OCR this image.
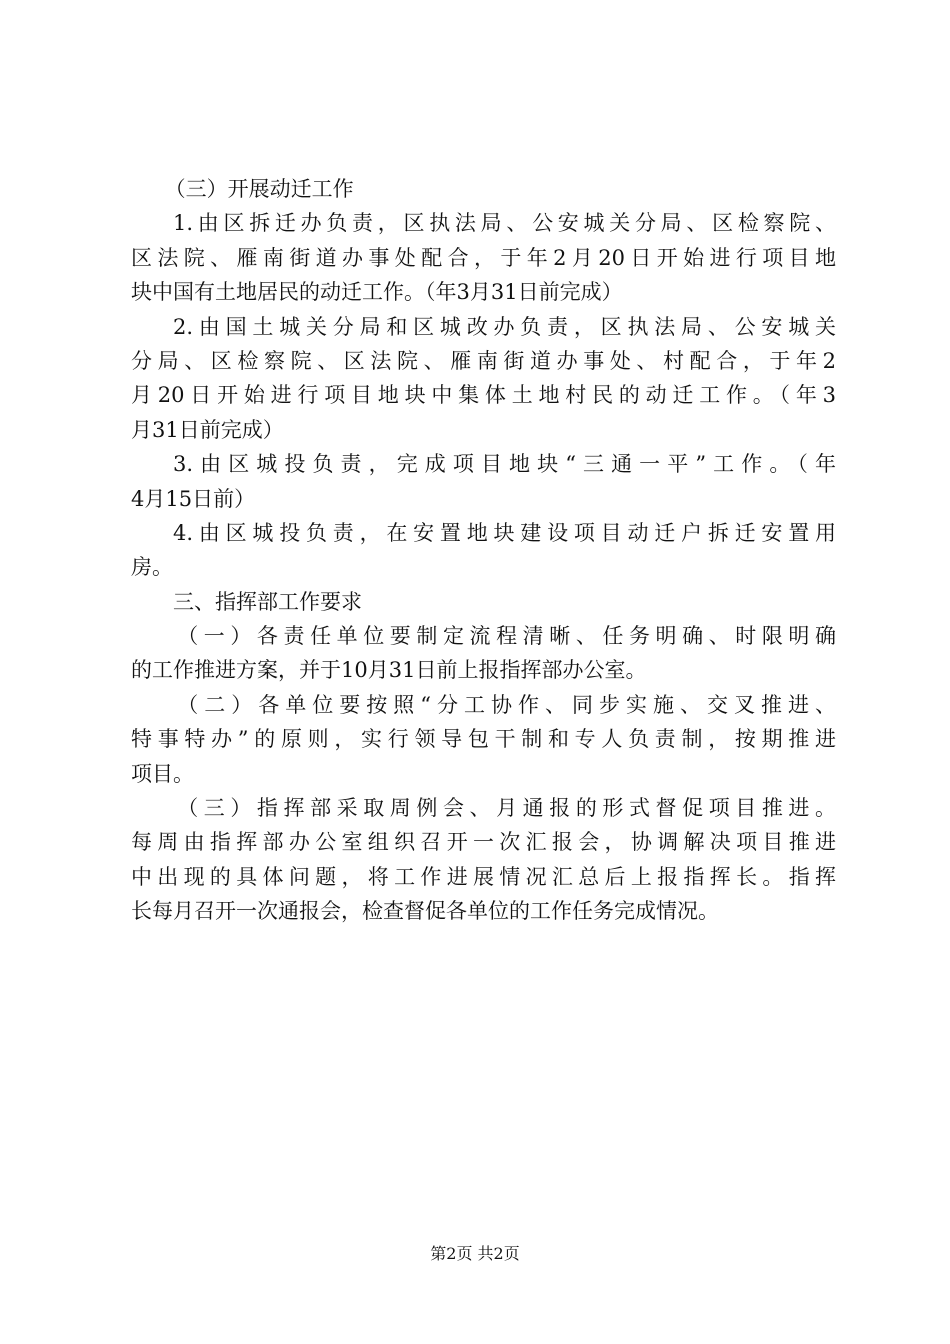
（三）开展动迁工作
1.由区拆迁办负责，区执法局、公安城关分局、区检察院、
区法院、雁南街道办事处配合，于年2月20日开始进行项目地
块中国有土地居民的动迁工作。（年3月31日前完成）
2.由国土城关分局和区城改办负责，区执法局、公安城关
分局、区检察院、区法院、雁南街道办事处、村配合，于年2
月20日开始进行项目地块中集体土地村民的动迁工作。（年3
月31日前完成）
3.由区城投负责，完成项目地块“三通一平”工作。（年
4月15日前）
4.由区城投负责，在安置地块建设项目动迁户拆迁安置用
房。
三、指挥部工作要求
（一）各责任单位要制定流程清晰、任务明确、时限明确
的工作推进方案，并于10月31日前上报指挥部办公室。
（二）各单位要按照“分工协作、同步实施、交叉推进、
特事特办”的原则，实行领导包干制和专人负责制，按期推进
项目。
（三）指挥部采取周例会、月通报的形式督促项目推进。
每周由指挥部办公室组织召开一次汇报会，协调解决项目推进
中出现的具体问题，将工作进展情况汇总后上报指挥长。指挥
长每月召开一次通报会，检查督促各单位的工作任务完成情况。
第2页 共2页
